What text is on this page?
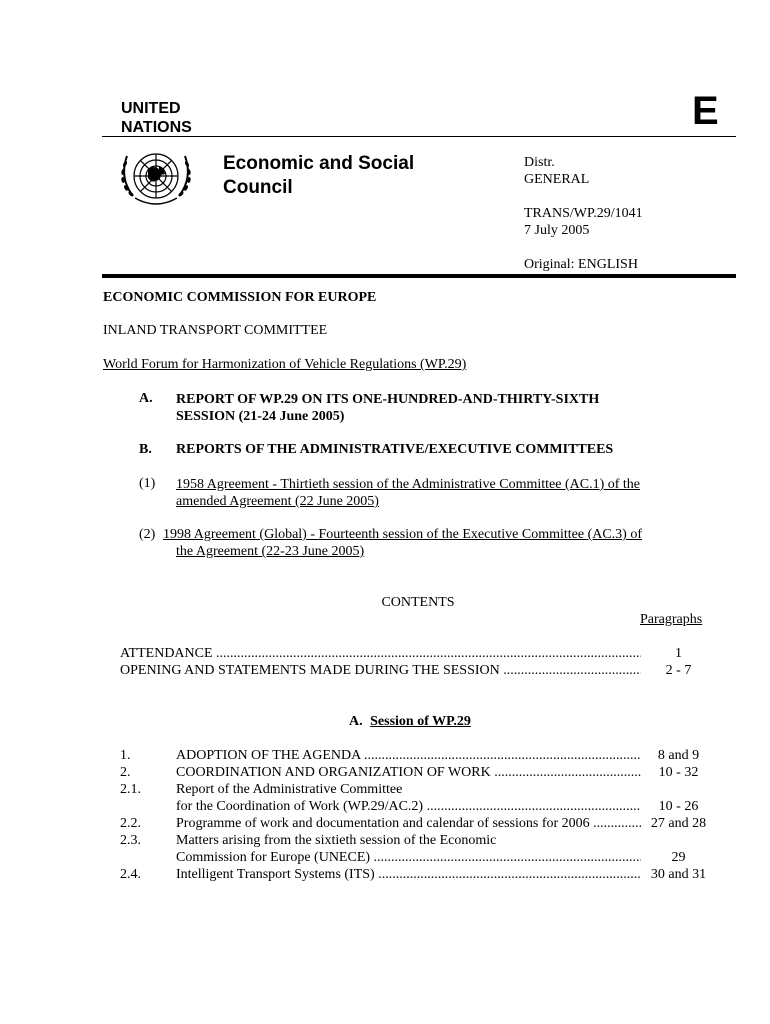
UNITED
NATIONS	E
Economic and Social
Council
Distr.
GENERAL
TRANS/WP.29/1041
7 July 2005
Original: ENGLISH
ECONOMIC COMMISSION FOR EUROPE
INLAND TRANSPORT COMMITTEE
World Forum for Harmonization of Vehicle Regulations (WP.29)
A. REPORT OF WP.29 ON ITS ONE-HUNDRED-AND-THIRTY-SIXTH
SESSION (21-24 June 2005)
B. REPORTS OF THE ADMINISTRATIVE/EXECUTIVE COMMITTEES
(1) 1958 Agreement - Thirtieth session of the Administrative Committee (AC.1) of the
amended Agreement (22 June 2005)
(2) 1998 Agreement (Global) - Fourteenth session of the Executive Committee (AC.3) of
the Agreement (22-23 June 2005)
CONTENTS
Paragraphs
ATTENDANCE .....	1
OPENING AND STATEMENTS MADE DURING THE SESSION .....	2 - 7
A. Session of WP.29
1.	ADOPTION OF THE AGENDA .....	8 and 9
2.	COORDINATION AND ORGANIZATION OF WORK .....	10 - 32
2.1.	Report of the Administrative Committee
for the Coordination of Work (WP.29/AC.2) .....	10 - 26
2.2.	Programme of work and documentation and calendar of sessions for 2006 .....	27 and 28
2.3.	Matters arising from the sixtieth session of the Economic
Commission for Europe (UNECE) .....	29
2.4.	Intelligent Transport Systems (ITS) .....	30 and 31
